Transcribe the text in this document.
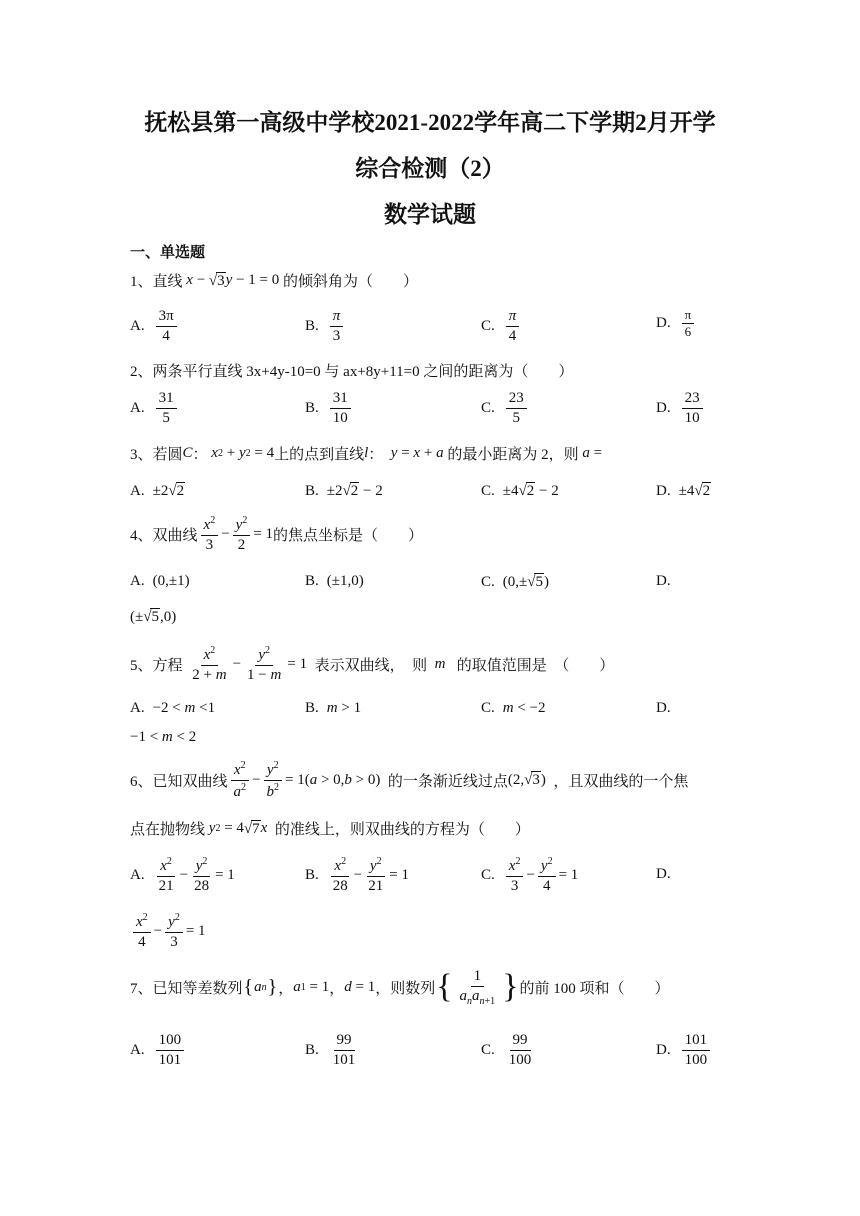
抚松县第一高级中学校2021-2022学年高二下学期2月开学
综合检测（2）
数学试题
一、单选题
1、 直线 x − √ 3 y − 1 = 0 的倾斜角为（　　）
A. $\frac{3\pi}{4}$	B. $\frac{\pi}{3}$	C. $\frac{\pi}{4}$	D. $\frac{\pi}{6}$
2、两条平行直线 3x+4y-10=0 与 ax+8y+11=0 之间的距离为（　　）
A. $\frac{31}{5}$	B. $\frac{31}{10}$	C. $\frac{23}{5}$	D. $\frac{23}{10}$
3、若圆 C ： x 2 + y 2 = 4 上的点到直线 l ： y = x + a
的最小距离为 2，则
a =
A. ±2 √ 2	B. ±2 √ 2 − 2	C. ±4 √ 2 − 2	D. ±4 √ 2
4、双曲线 $\frac{x^2}{3} - \frac{y^2}{2} = 1$ 的焦点坐标是（　　）
A. (0,±1)	B. (±1,0)	C. (0,± √ 5 )	D.
(± √ 5 ,0)
5、方程
$\frac{x^2}{2 + m} - \frac{y^2}{1 - m} = 1$ 表示双曲线，　则
m
的取值范围是　（　　）
A. −2 < m <1	B. m > 1	C. m < −2	D.
−1 < m < 2
6、已知双曲线 $\frac{x^2}{a^2} - \frac{y^2}{b^2} = 1$( a > 0, b > 0) 的一条渐近线过点 (2, √ 3 ) ，且双曲线的一个焦
点在抛物线
y 2 = 4 √ 7 x
的准线上，则双曲线的方程为（　　）
A. $\frac{x^2}{21} - \frac{y^2}{28} = 1$	B. $\frac{x^2}{28} - \frac{y^2}{21} = 1$	C. $\frac{x^2}{3} - \frac{y^2}{4} = 1$	D.
$\frac{x^2}{4} - \frac{y^2}{3} = 1$
7、已知等差数列 { a n } ， a 1 = 1 ， d = 1 ，则数列 { $\frac{1}{a_na_{n+1}}$ } 的前 100 项和（　　）
A. $\frac{100}{101}$	B. $\frac{99}{101}$	C. $\frac{99}{100}$	D. $\frac{101}{100}$
